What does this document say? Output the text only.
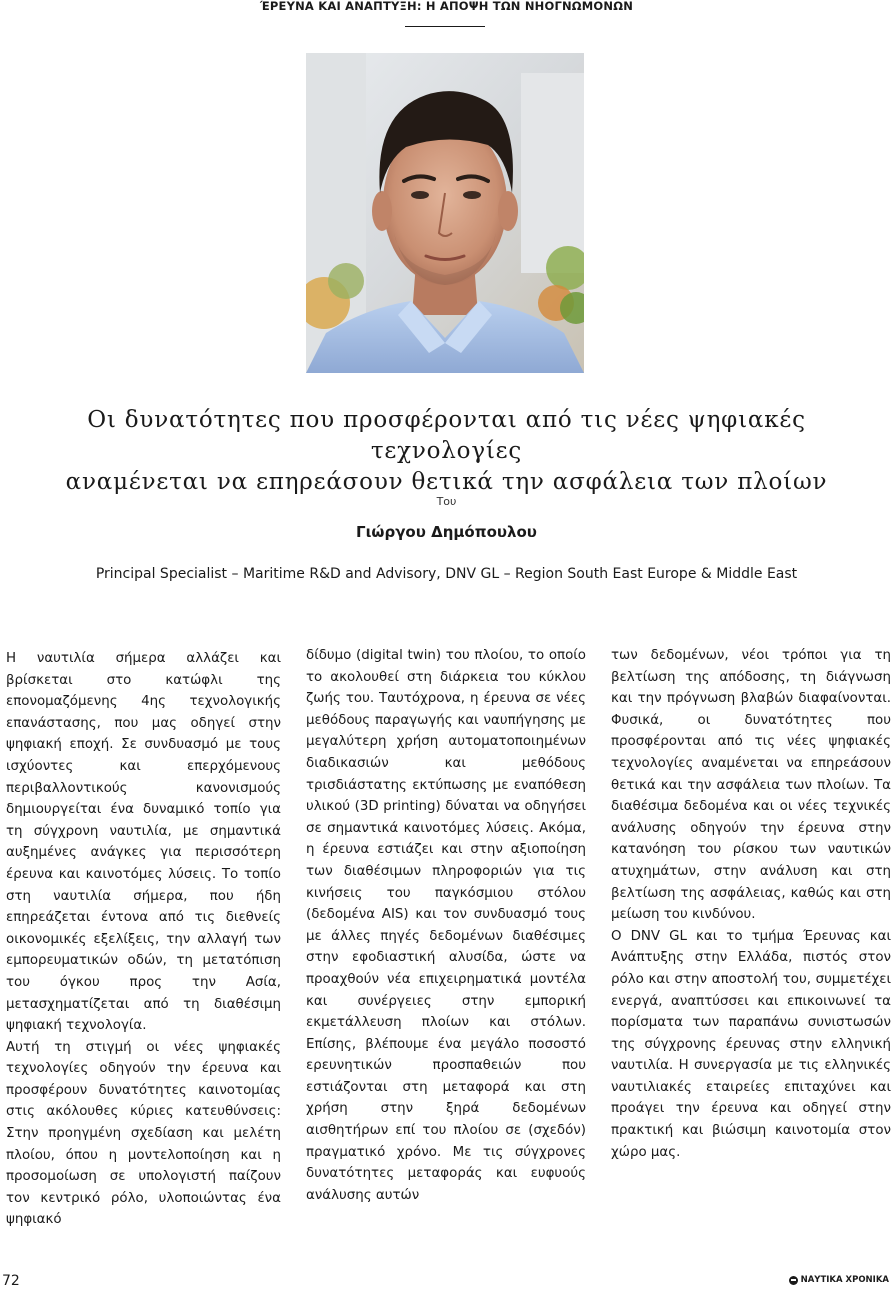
ΈΡΕΥΝΑ ΚΑΙ ΑΝΑΠΤΥΞΗ: Η ΑΠΟΨΗ ΤΩΝ ΝΗΟΓΝΩΜΟΝΩΝ
Οι δυνατότητες που προσφέρονται από τις νέες ψηφιακές τεχνολογίες
αναμένεται να επηρεάσουν θετικά την ασφάλεια των πλοίων
Του
Γιώργου Δημόπουλου
Principal Specialist – Maritime R&D and Advisory, DNV GL – Region South East Europe & Middle East

Η ναυτιλία σήμερα αλλάζει και βρίσκεται στο κατώφλι της επονομαζόμενης 4ης τεχνολογικής επανάστασης, που μας οδηγεί στην ψηφιακή εποχή. Σε συνδυασμό με τους ισχύοντες και επερχόμενους περιβαλλοντικούς κανονισμούς δημιουργείται ένα δυναμικό τοπίο για τη σύγχρονη ναυτιλία, με σημαντικά αυξημένες ανάγκες για περισσότερη έρευνα και καινοτόμες λύσεις. Το τοπίο στη ναυτιλία σήμερα, που ήδη επηρεάζεται έντονα από τις διεθνείς οικονομικές εξελίξεις, την αλλαγή των εμπορευματικών οδών, τη μετατόπιση του όγκου προς την Ασία, μετασχηματίζεται από τη διαθέσιμη ψηφιακή τεχνολογία.

Αυτή τη στιγμή οι νέες ψηφιακές τεχνολογίες οδηγούν την έρευνα και προσφέρουν δυνατότητες καινοτομίας στις ακόλουθες κύριες κατευθύνσεις: Στην προηγμένη σχεδίαση και μελέτη πλοίου, όπου η μοντελοποίηση και η προσομοίωση σε υπολογιστή παίζουν τον κεντρικό ρόλο, υλοποιώντας ένα ψηφιακό

δίδυμο (digital twin) του πλοίου, το οποίο το ακολουθεί στη διάρκεια του κύκλου ζωής του. Ταυτόχρονα, η έρευνα σε νέες μεθόδους παραγωγής και ναυπήγησης με μεγαλύτερη χρήση αυτοματοποιημένων διαδικασιών και μεθόδους τρισδιάστατης εκτύπωσης με εναπόθεση υλικού (3D printing) δύναται να οδηγήσει σε σημαντικά καινοτόμες λύσεις. Ακόμα, η έρευνα εστιάζει και στην αξιοποίηση των διαθέσιμων πληροφοριών για τις κινήσεις του παγκόσμιου στόλου (δεδομένα AIS) και τον συνδυασμό τους με άλλες πηγές δεδομένων διαθέσιμες στην εφοδιαστική αλυσίδα, ώστε να προαχθούν νέα επιχειρηματικά μοντέλα και συνέργειες στην εμπορική εκμετάλλευση πλοίων και στόλων. Επίσης, βλέπουμε ένα μεγάλο ποσοστό ερευνητικών προσπαθειών που εστιάζονται στη μεταφορά και στη χρήση στην ξηρά δεδομένων αισθητήρων επί του πλοίου σε (σχεδόν) πραγματικό χρόνο. Με τις σύγχρονες δυνατότητες μεταφοράς και ευφυούς ανάλυσης αυτών

των δεδομένων, νέοι τρόποι για τη βελτίωση της απόδοσης, τη διάγνωση και την πρόγνωση βλαβών διαφαίνονται. Φυσικά, οι δυνατότητες που προσφέρονται από τις νέες ψηφιακές τεχνολογίες αναμένεται να επηρεάσουν θετικά και την ασφάλεια των πλοίων. Τα διαθέσιμα δεδομένα και οι νέες τεχνικές ανάλυσης οδηγούν την έρευνα στην κατανόηση του ρίσκου των ναυτικών ατυχημάτων, στην ανάλυση και στη βελτίωση της ασφάλειας, καθώς και στη μείωση του κινδύνου.

Ο DNV GL και το τμήμα Έρευνας και Ανάπτυξης στην Ελλάδα, πιστός στον ρόλο και στην αποστολή του, συμμετέχει ενεργά, αναπτύσσει και επικοινωνεί τα πορίσματα των παραπάνω συνιστωσών της σύγχρονης έρευνας στην ελληνική ναυτιλία. Η συνεργασία με τις ελληνικές ναυτιλιακές εταιρείες επιταχύνει και προάγει την έρευνα και οδηγεί στην πρακτική και βιώσιμη καινοτομία στον χώρο μας.

72	ΝΑΥΤΙΚΑ ΧΡΟΝΙΚΑ
